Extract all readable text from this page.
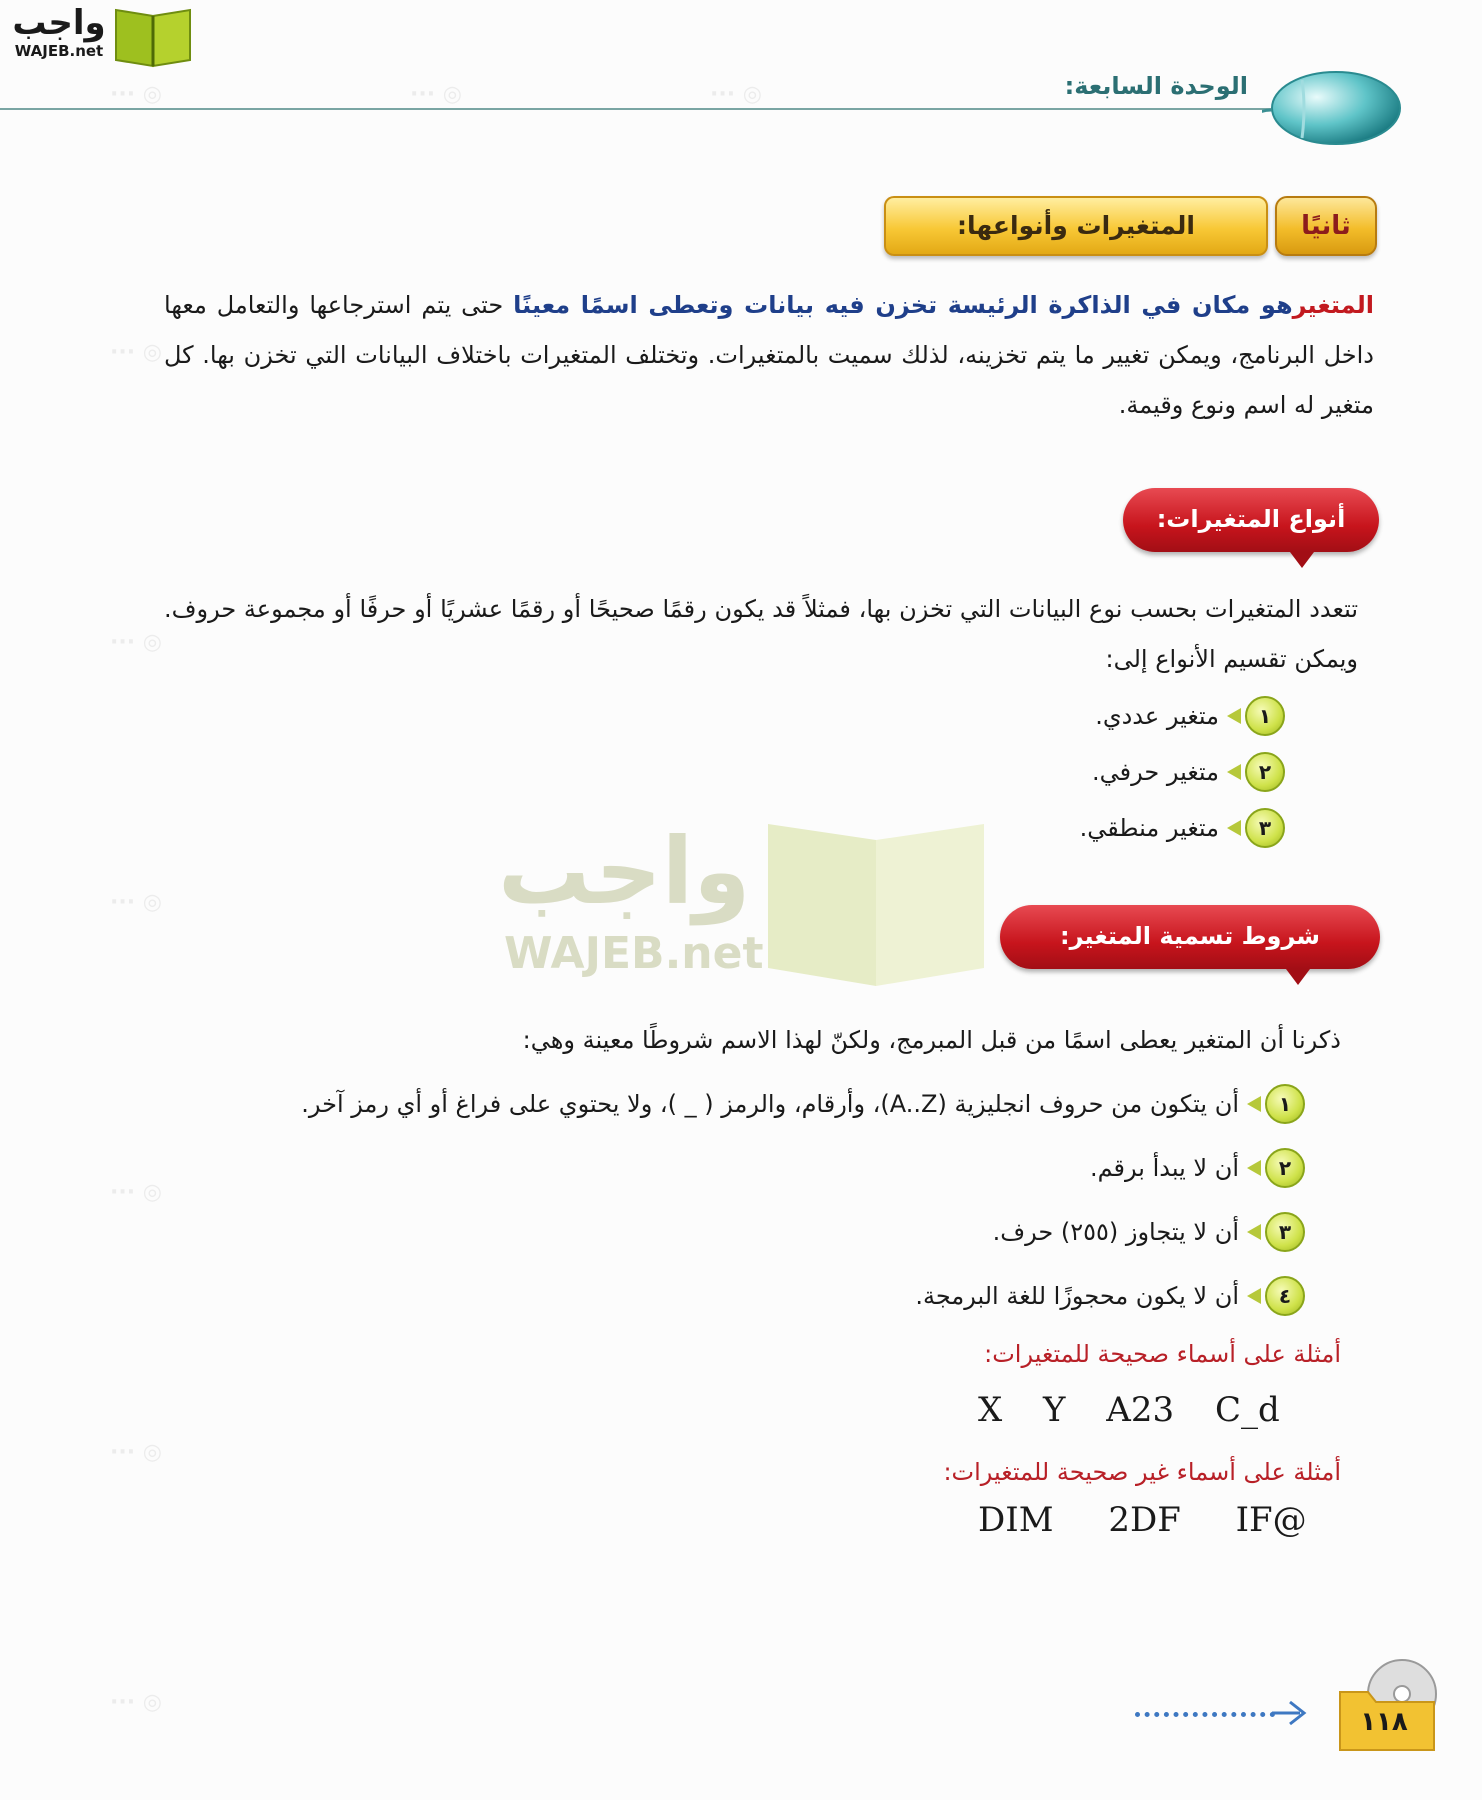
◎ ···	◎ ···	◎ ···
◎ ···
◎ ···
◎ ···
◎ ···
◎ ···
◎ ···
واجب
WAJEB.net
الوحدة السابعة:
المتغيرات وأنواعها:	ثانيًا

المتغيرهو مكان في الذاكرة الرئيسة تخزن فيه بيانات وتعطى اسمًا معينًا حتى يتم استرجاعها والتعامل معها داخل البرنامج، ويمكن تغيير ما يتم تخزينه، لذلك سميت بالمتغيرات. وتختلف المتغيرات باختلاف البيانات التي تخزن بها. كل متغير له اسم ونوع وقيمة.

أنواع المتغيرات:

تتعدد المتغيرات بحسب نوع البيانات التي تخزن بها، فمثلاً قد يكون رقمًا صحيحًا أو رقمًا عشريًا أو حرفًا أو مجموعة حروف. ويمكن تقسيم الأنواع إلى:

١
متغير عددي.
٢
متغير حرفي.
٣
متغير منطقي.
واجب
WAJEB.net	شروط تسمية المتغير:

ذكرنا أن المتغير يعطى اسمًا من قبل المبرمج، ولكنّ لهذا الاسم شروطًا معينة وهي:

١
أن يتكون من حروف انجليزية (A..Z)، وأرقام، والرمز ( _ )، ولا يحتوي على فراغ أو أي رمز آخر.
٢
أن لا يبدأ برقم.
٣
أن لا يتجاوز (٢٥٥) حرف.
٤
أن لا يكون محجوزًا للغة البرمجة.
أمثلة على أسماء صحيحة للمتغيرات:
X Y A23 C_d
أمثلة على أسماء غير صحيحة للمتغيرات:
DIM 2DF IF@
١١٨
